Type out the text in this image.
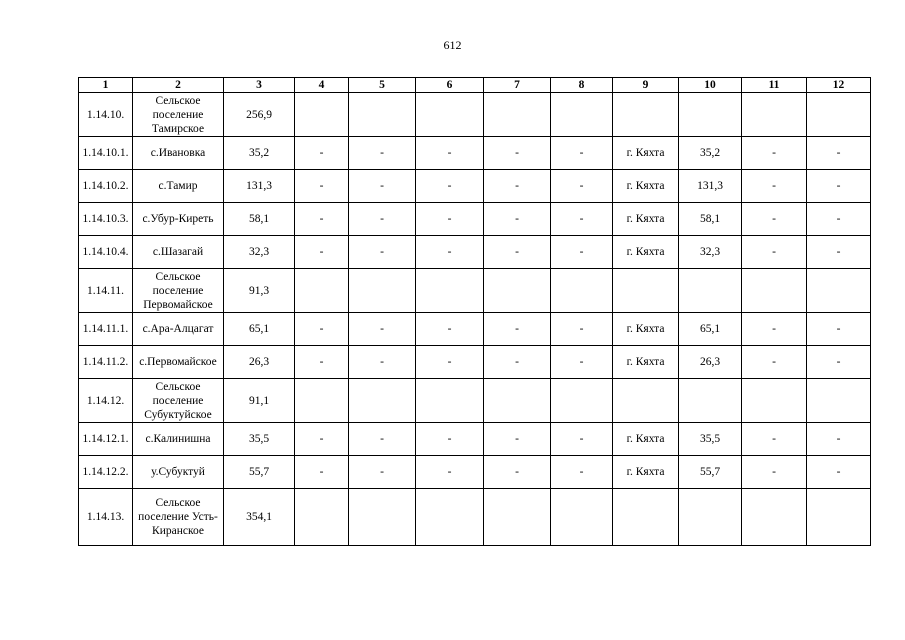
612
1	2	3	4	5	6	7	8	9	10	11	12
1.14.10.	Сельское поселение Тамирское	256,9									
1.14.10.1.	с.Ивановка	35,2	-	-	-	-	-	г. Кяхта	35,2	-	-
1.14.10.2.	с.Тамир	131,3	-	-	-	-	-	г. Кяхта	131,3	-	-
1.14.10.3.	с.Убур-Киреть	58,1	-	-	-	-	-	г. Кяхта	58,1	-	-
1.14.10.4.	с.Шазагай	32,3	-	-	-	-	-	г. Кяхта	32,3	-	-
1.14.11.	Сельское поселение Первомайское	91,3									
1.14.11.1.	с.Ара-Алцагат	65,1	-	-	-	-	-	г. Кяхта	65,1	-	-
1.14.11.2.	с.Первомайское	26,3	-	-	-	-	-	г. Кяхта	26,3	-	-
1.14.12.	Сельское поселение Субуктуйское	91,1									
1.14.12.1.	с.Калинишна	35,5	-	-	-	-	-	г. Кяхта	35,5	-	-
1.14.12.2.	у.Субуктуй	55,7	-	-	-	-	-	г. Кяхта	55,7	-	-
1.14.13.	Сельское поселение Усть-Киранское	354,1									
